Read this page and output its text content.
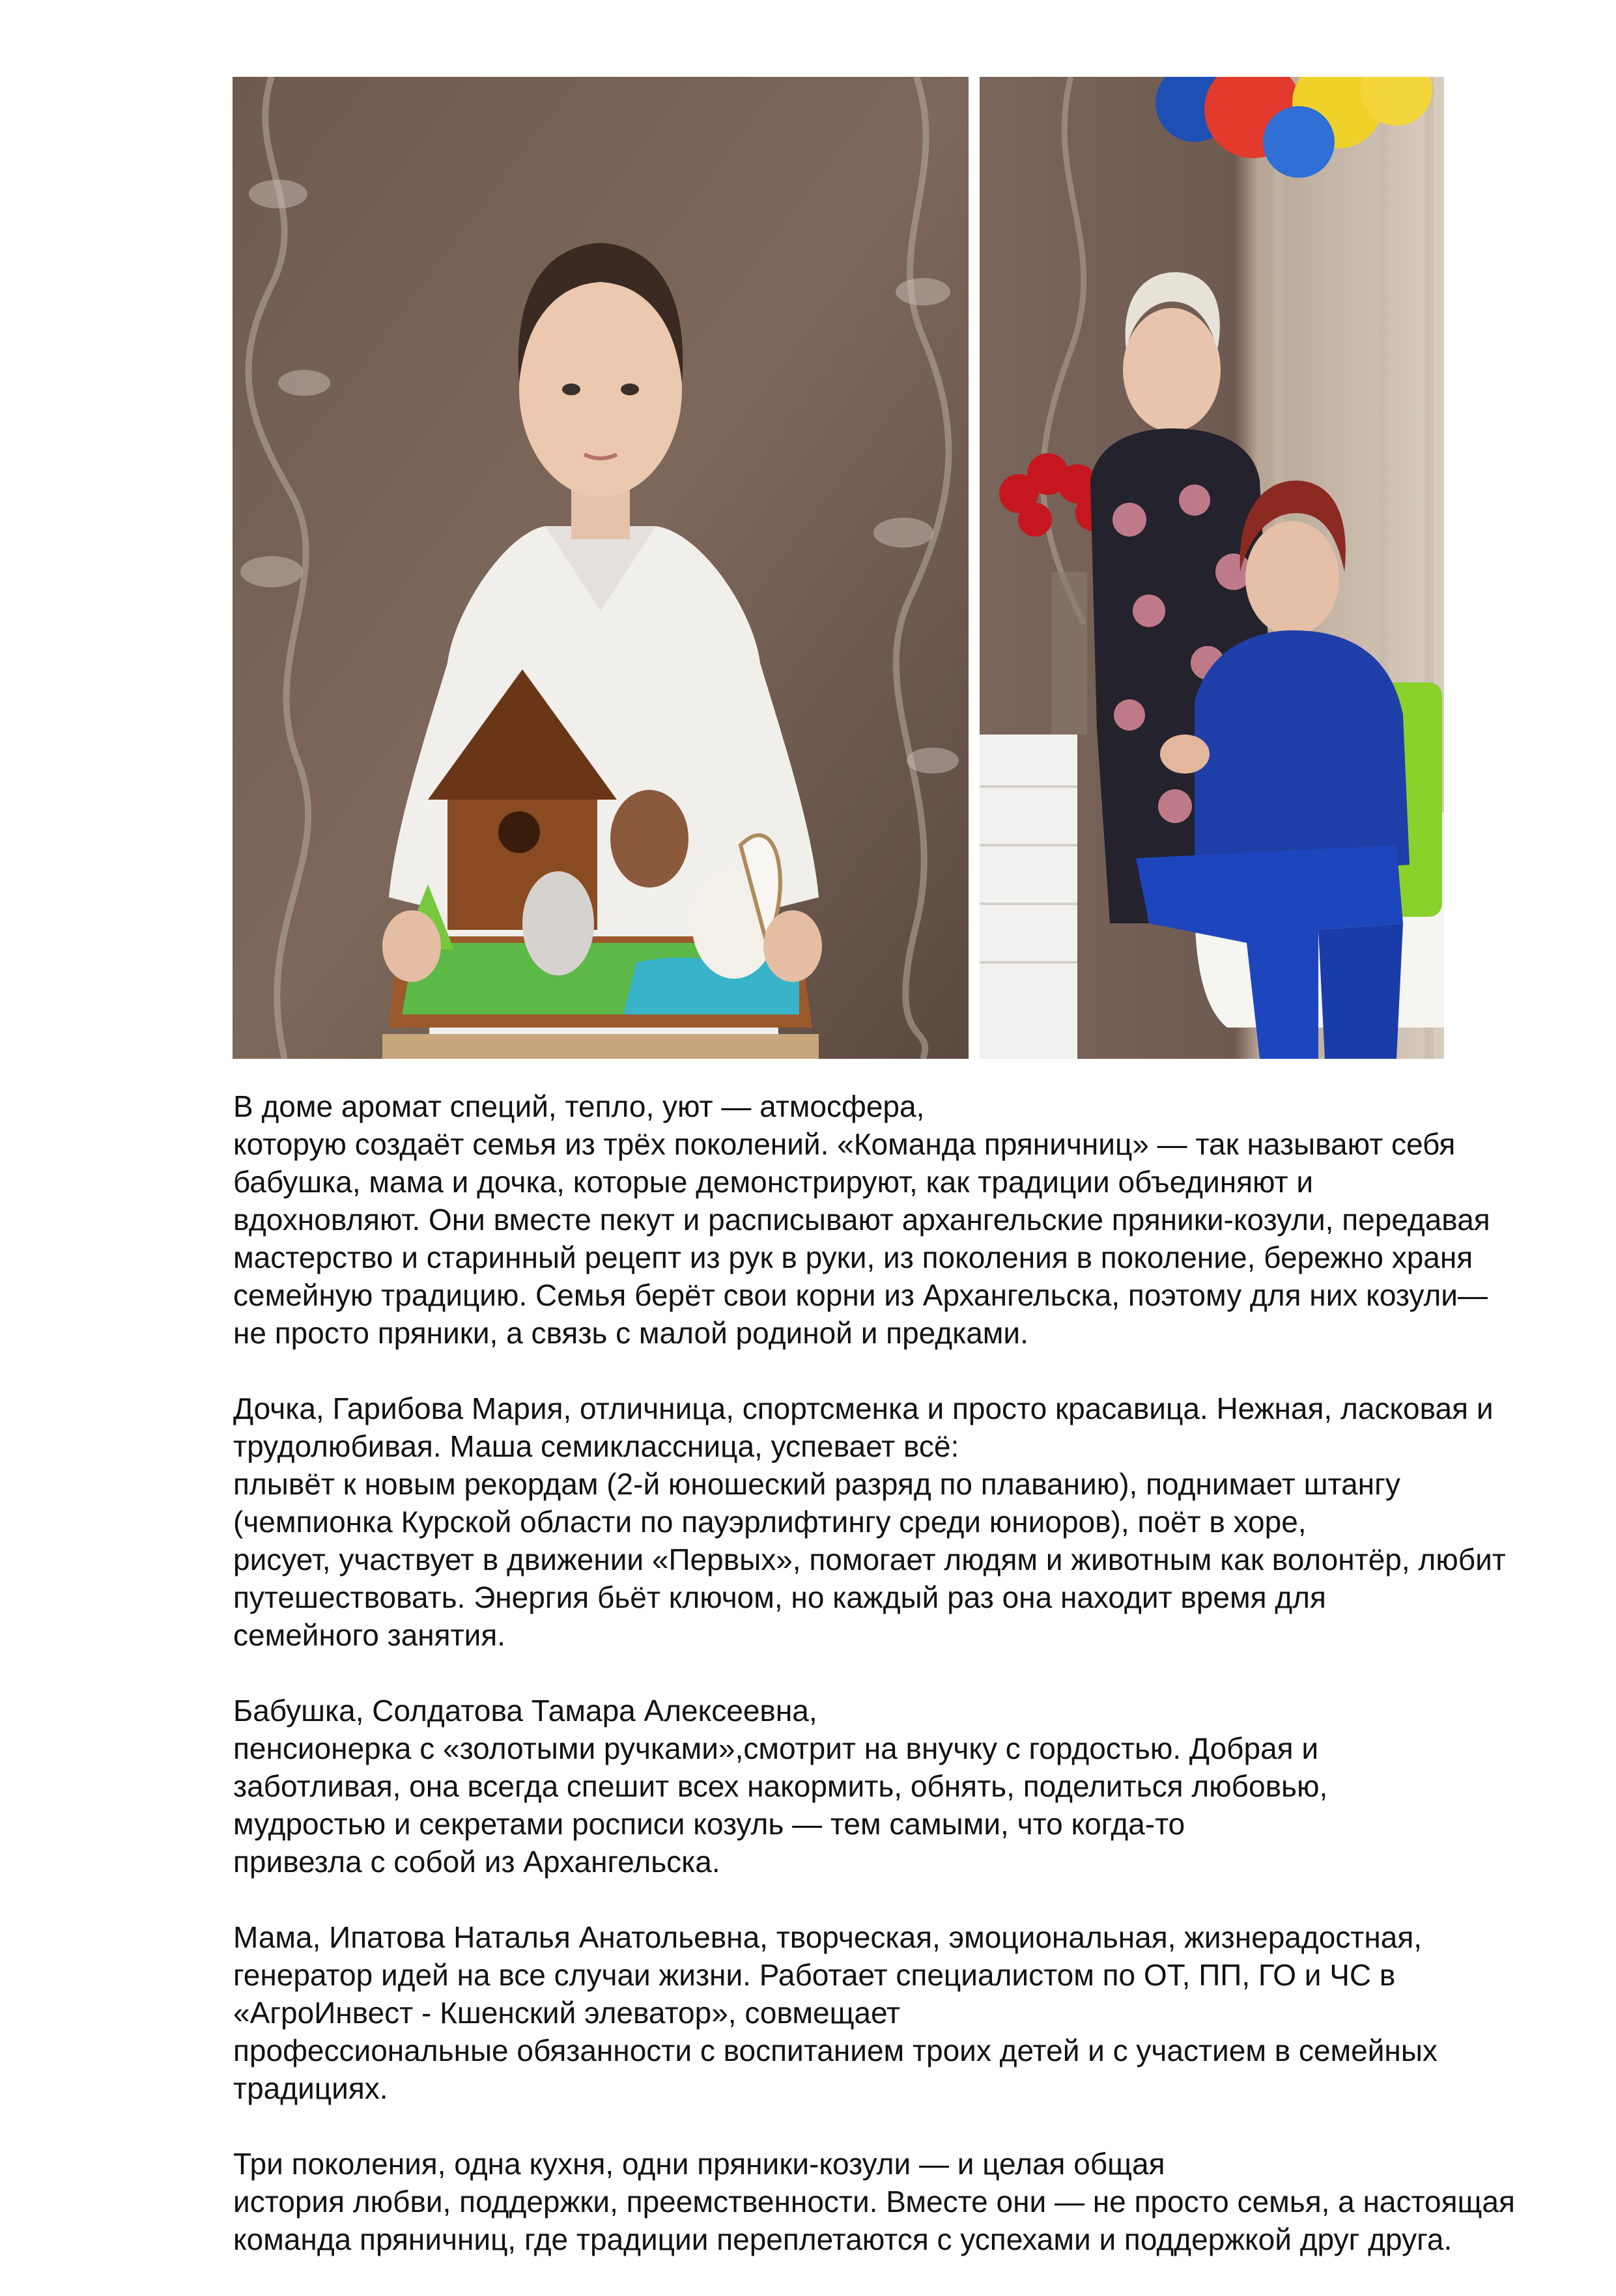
В доме аромат специй, тепло, уют — атмосфера,
которую создаёт семья из трёх поколений. «Команда пряничниц» — так называют себя
бабушка, мама и дочка, которые демонстрируют, как традиции объединяют и
вдохновляют. Они вместе пекут и расписывают архангельские пряники-козули, передавая
мастерство и старинный рецепт из рук в руки, из поколения в поколение, бережно храня
семейную традицию. Семья берёт свои корни из Архангельска, поэтому для них козули—
не просто пряники, а связь с малой родиной и предками.

Дочка, Гарибова Мария, отличница, спортсменка и просто красавица. Нежная, ласковая и
трудолюбивая. Маша семиклассница, успевает всё:
плывёт к новым рекордам (2-й юношеский разряд по плаванию), поднимает штангу
(чемпионка Курской области по пауэрлифтингу среди юниоров), поёт в хоре,
рисует, участвует в движении «Первых», помогает людям и животным как волонтёр, любит
путешествовать. Энергия бьёт ключом, но каждый раз она находит время для
семейного занятия.

Бабушка, Солдатова Тамара Алексеевна,
пенсионерка с «золотыми ручками»,смотрит на внучку с гордостью. Добрая и
заботливая, она всегда спешит всех накормить, обнять, поделиться любовью,
мудростью и секретами росписи козуль — тем самыми, что когда-то
привезла с собой из Архангельска.

Мама, Ипатова Наталья Анатольевна, творческая, эмоциональная, жизнерадостная,
генератор идей на все случаи жизни. Работает специалистом по ОТ, ПП, ГО и ЧС в
«АгроИнвест - Кшенский элеватор», совмещает
профессиональные обязанности с воспитанием троих детей и с участием в семейных
традициях.

Три поколения, одна кухня, одни пряники-козули — и целая общая
история любви, поддержки, преемственности. Вместе они — не просто семья, а настоящая
команда пряничниц, где традиции переплетаются с успехами и поддержкой друг друга.
